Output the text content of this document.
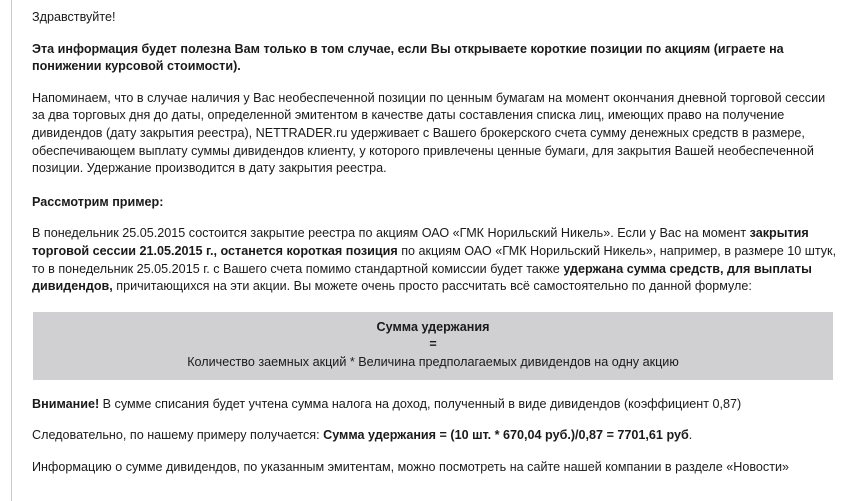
Здравствуйте!

Эта информация будет полезна Вам только в том случае, если Вы открываете короткие позиции по акциям (играете на понижении курсовой стоимости).

Напоминаем, что в случае наличия у Вас необеспеченной позиции по ценным бумагам на момент окончания дневной торговой сессии за два торговых дня до даты, определенной эмитентом в качестве даты составления списка лиц, имеющих право на получение дивидендов (дату закрытия реестра), NETTRADER.ru удерживает с Вашего брокерского счета сумму денежных средств в размере, обеспечивающем выплату суммы дивидендов клиенту, у которого привлечены ценные бумаги, для закрытия Вашей необеспеченной позиции. Удержание производится в дату закрытия реестра.

Рассмотрим пример:

В понедельник 25.05.2015 состоится закрытие реестра по акциям ОАО «ГМК Норильский Никель». Если у Вас на момент закрытия торговой сессии 21.05.2015 г., останется короткая позиция по акциям ОАО «ГМК Норильский Никель», например, в размере 10 штук, то в понедельник 25.05.2015 г. с Вашего счета помимо стандартной комиссии будет также удержана сумма средств, для выплаты дивидендов, причитающихся на эти акции. Вы можете очень просто рассчитать всё самостоятельно по данной формуле:

Сумма удержания
=
Количество заемных акций * Величина предполагаемых дивидендов на одну акцию

Внимание! В сумме списания будет учтена сумма налога на доход, полученный в виде дивидендов (коэффициент 0,87)

Следовательно, по нашему примеру получается: Сумма удержания = (10 шт. * 670,04 руб.)/0,87 = 7701,61 руб.

Информацию о сумме дивидендов, по указанным эмитентам, можно посмотреть на сайте нашей компании в разделе «Новости»
